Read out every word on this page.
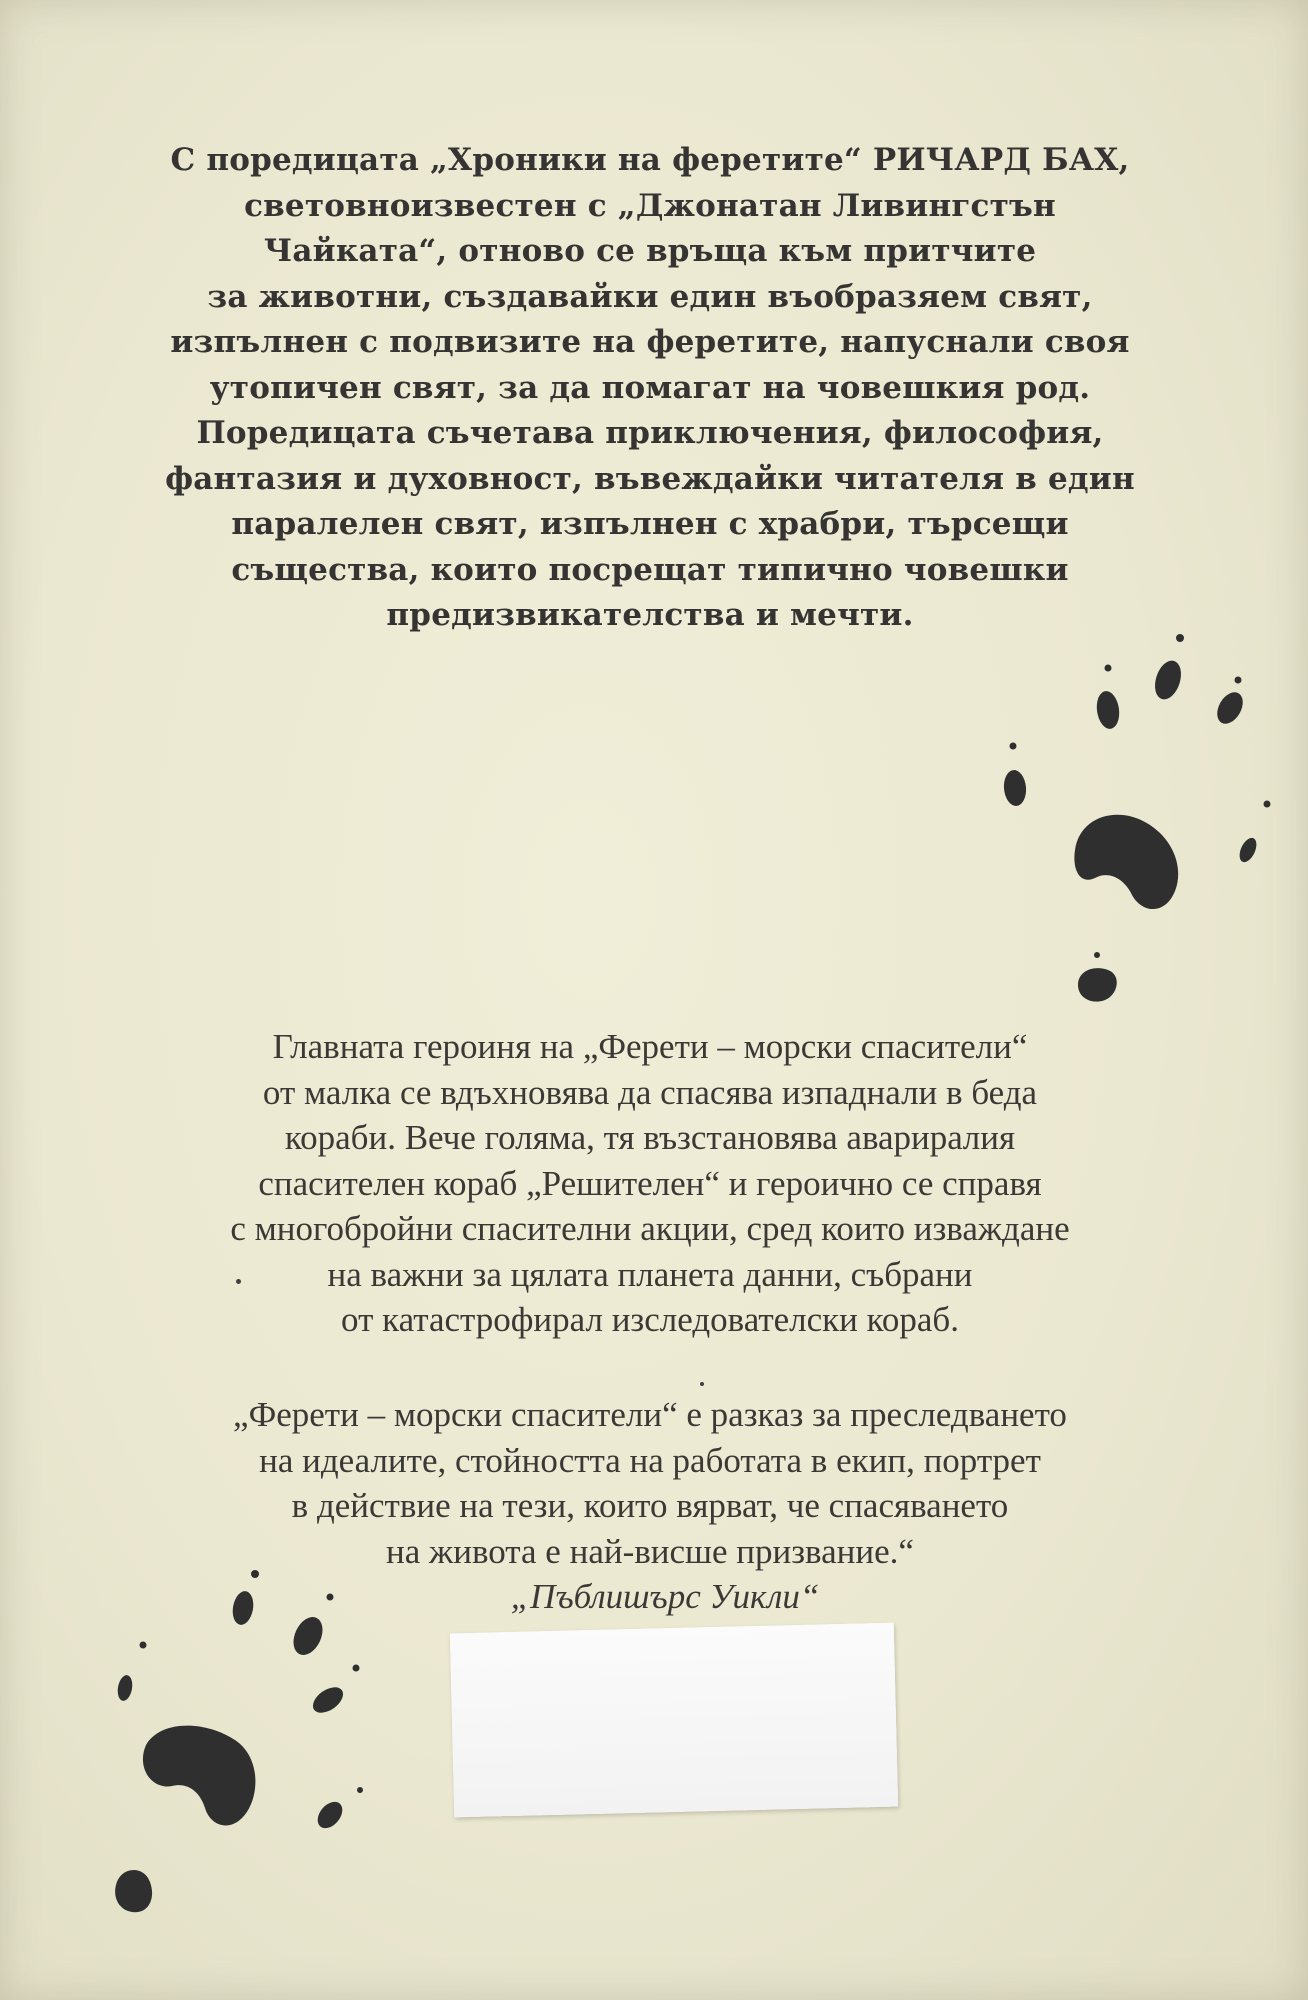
С поредицата „Хроники на феретите“ РИЧАРД БАХ,
световноизвестен с „Джонатан Ливингстън
Чайката“, отново се връща към притчите
за животни, създавайки един въобразяем свят,
изпълнен с подвизите на феретите, напуснали своя
утопичен свят, за да помагат на човешкия род.
Поредицата съчетава приключения, философия,
фантазия и духовност, въвеждайки читателя в един
паралелен свят, изпълнен с храбри, търсещи
същества, които посрещат типично човешки
предизвикателства и мечти.
Главната героиня на „Ферети – морски спасители“
от малка се вдъхновява да спасява изпаднали в беда
кораби. Вече голяма, тя възстановява аварирaлия
спасителен кораб „Решителен“ и героично се справя
с многобройни спасителни акции, сред които изваждане
на важни за цялата планета данни, събрани
от катастрофирал изследователски кораб.
„Ферети – морски спасители“ е разказ за преследването
на идеалите, стойността на работата в екип, портрет
в действие на тези, които вярват, че спасяването
на живота е най-висше призвание.“
„Пъблишърс Уикли“
